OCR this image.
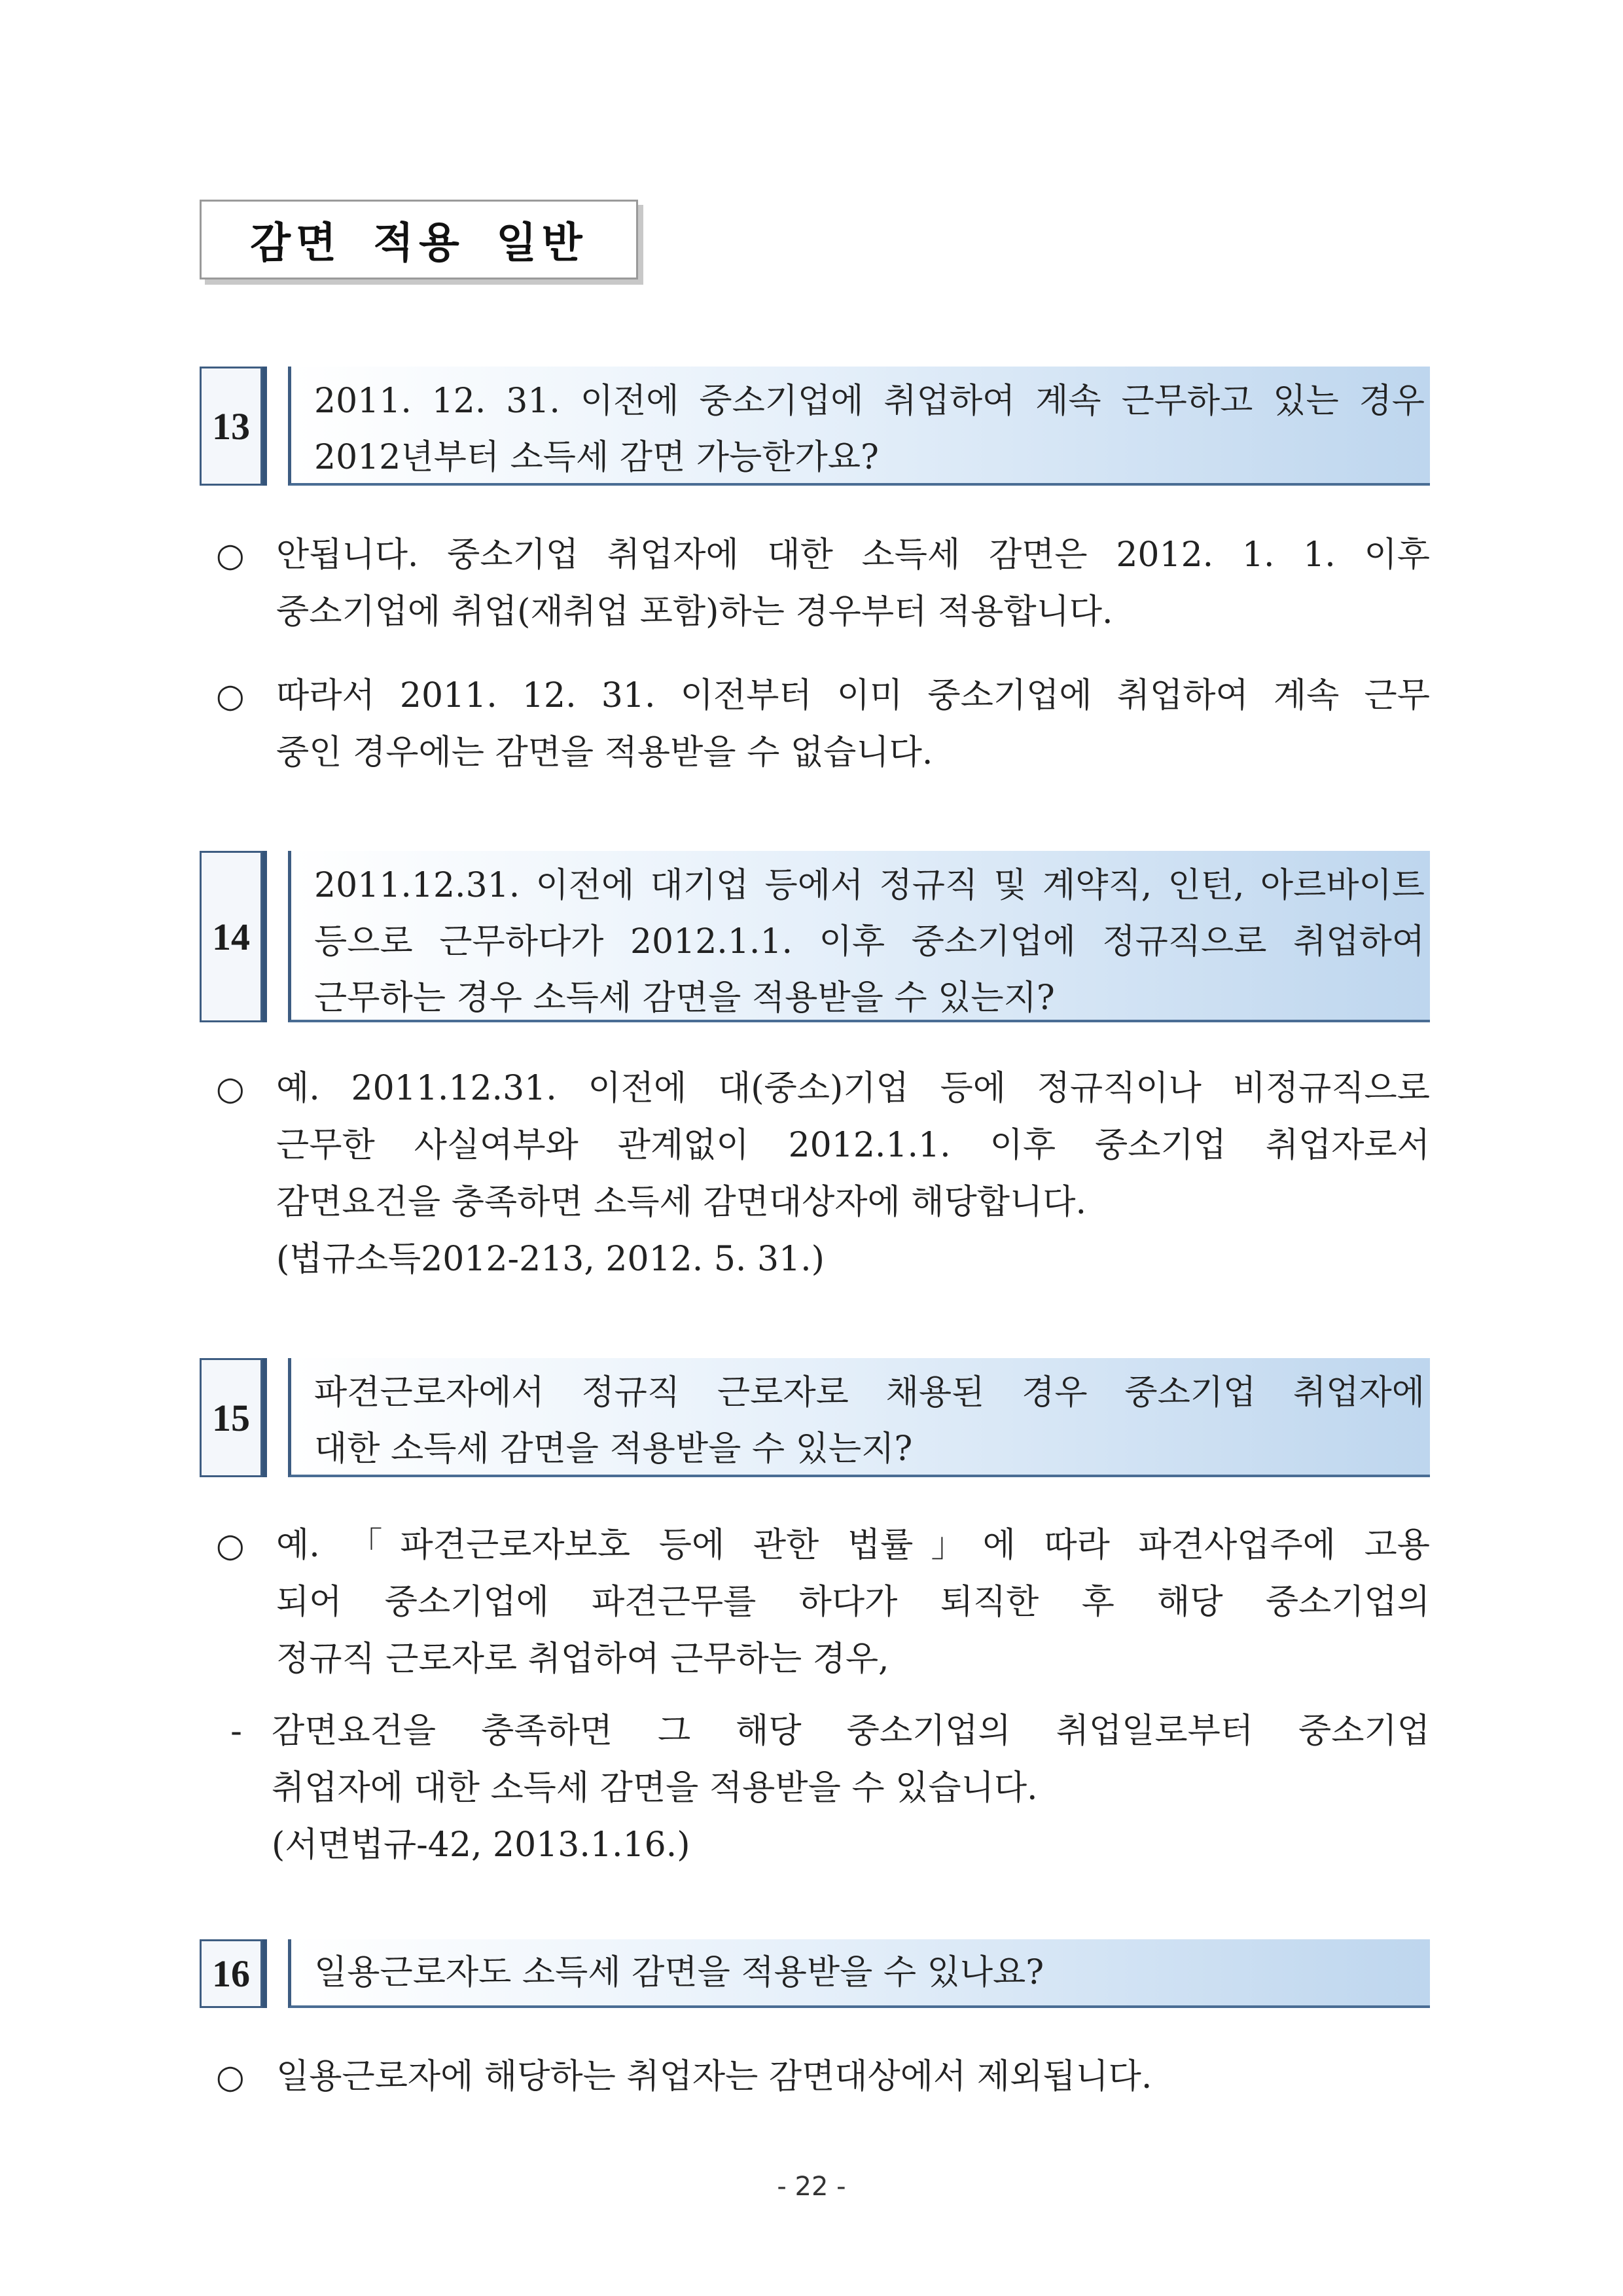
감면 적용 일반
13
2011. 12. 31. 이전에 중소기업에 취업하여 계속 근무하고 있는 경우
2012년부터 소득세 감면 가능한가요?
○ 안됩니다. 중소기업 취업자에 대한 소득세 감면은 2012. 1. 1. 이후
중소기업에 취업(재취업 포함)하는 경우부터 적용합니다.
○ 따라서 2011. 12. 31. 이전부터 이미 중소기업에 취업하여 계속 근무
중인 경우에는 감면을 적용받을 수 없습니다.
14
2011.12.31. 이전에 대기업 등에서 정규직 및 계약직, 인턴, 아르바이트
등으로 근무하다가 2012.1.1. 이후 중소기업에 정규직으로 취업하여
근무하는 경우 소득세 감면을 적용받을 수 있는지?
○ 예. 2011.12.31. 이전에 대(중소)기업 등에 정규직이나 비정규직으로
근무한 사실여부와 관계없이 2012.1.1. 이후 중소기업 취업자로서
감면요건을 충족하면 소득세 감면대상자에 해당합니다.
(법규소득2012-213, 2012. 5. 31.)
15
파견근로자에서 정규직 근로자로 채용된 경우 중소기업 취업자에
대한 소득세 감면을 적용받을 수 있는지?
○ 예. 「파견근로자보호 등에 관한 법률」에 따라 파견사업주에 고용
되어 중소기업에 파견근무를 하다가 퇴직한 후 해당 중소기업의
정규직 근로자로 취업하여 근무하는 경우,
- 감면요건을 충족하면 그 해당 중소기업의 취업일로부터 중소기업
취업자에 대한 소득세 감면을 적용받을 수 있습니다.
(서면법규-42, 2013.1.16.)
16	일용근로자도 소득세 감면을 적용받을 수 있나요?
○ 일용근로자에 해당하는 취업자는 감면대상에서 제외됩니다.
- 22 -
